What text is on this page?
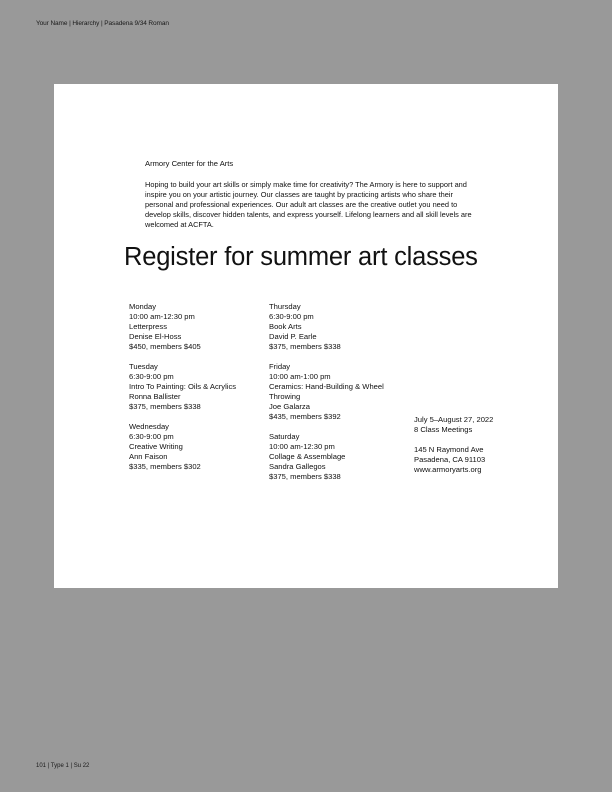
Your Name | Hierarchy | Pasadena 9/34 Roman
Armory Center for the Arts

Hoping to build your art skills or simply make time for creativity? The Armory is here to support and inspire you on your artistic journey. Our classes are taught by practicing artists who share their personal and professional experiences. Our adult art classes are the creative outlet you need to develop skills, discover hidden talents, and express yourself. Lifelong learners and all skill levels are welcomed at ACFTA.

Register for summer art classes
Monday
10:00 am-12:30 pm
Letterpress
Denise El-Hoss
$450, members $405
Tuesday
6:30-9:00 pm
Intro To Painting: Oils & Acrylics
Ronna Ballister
$375, members $338
Wednesday
6:30-9:00 pm
Creative Writing
Ann Faison
$335, members $302
Thursday
6:30-9:00 pm
Book Arts
David P. Earle
$375, members $338
Friday
10:00 am-1:00 pm
Ceramics: Hand-Building & Wheel Throwing
Joe Galarza
$435, members $392
Saturday
10:00 am-12:30 pm
Collage & Assemblage
Sandra Gallegos
$375, members $338
July 5–August 27, 2022
8 Class Meetings
145 N Raymond Ave
Pasadena, CA 91103
www.armoryarts.org
101 | Type 1 | Su 22
